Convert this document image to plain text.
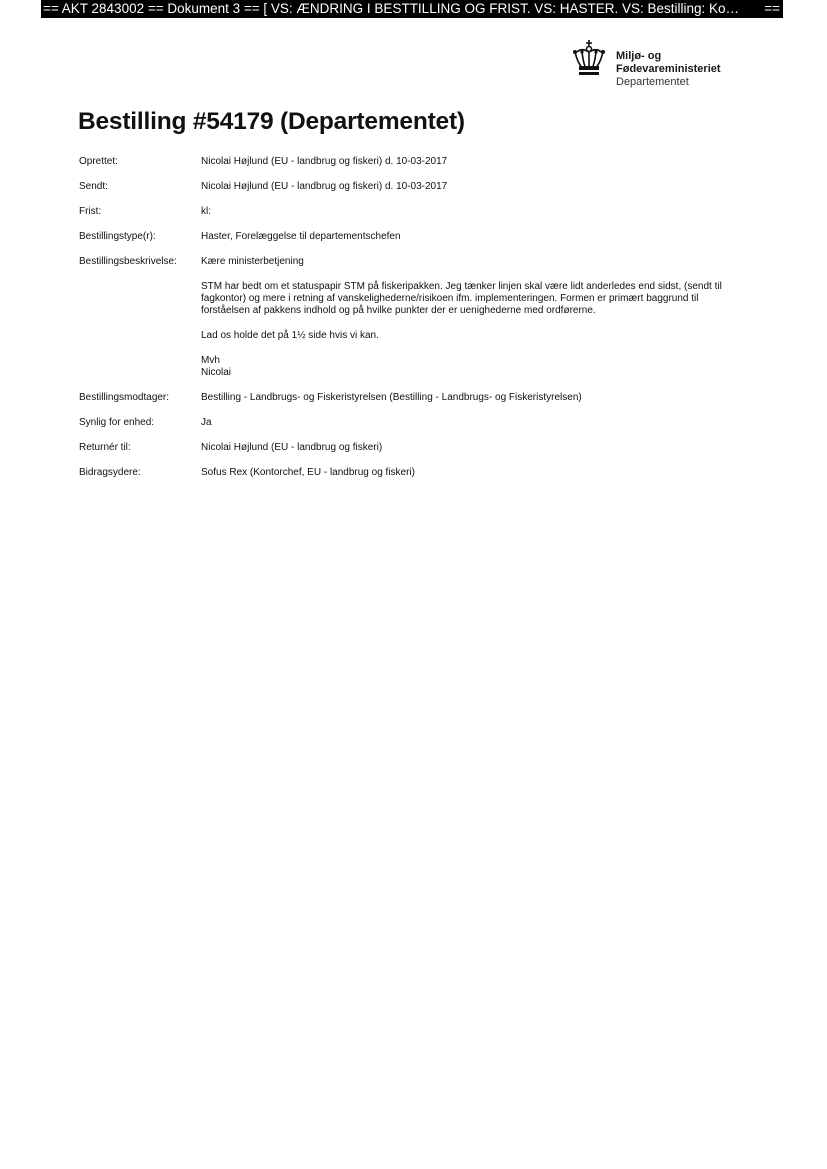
== AKT 2843002 == Dokument 3 == [ VS: ÆNDRING I BESTTILLING OG FRIST. VS: HASTER. VS: Bestilling: Ko… ==
Miljø- og
Fødevareministeriet
Departementet
Bestilling #54179 (Departementet)
Oprettet:	Nicolai Højlund (EU - landbrug og fiskeri) d. 10-03-2017
Sendt:	Nicolai Højlund (EU - landbrug og fiskeri) d. 10-03-2017
Frist:	kl:
Bestillingstype(r):	Haster, Forelæggelse til departementschefen
Bestillingsbeskrivelse:	Kære ministerbetjening

STM har bedt om et statuspapir STM på fiskeripakken. Jeg tænker linjen skal være lidt anderledes end sidst, (sendt til fagkontor) og mere i retning af vanskelighederne/risikoen ifm. implementeringen. Formen er primært baggrund til forståelsen af pakkens indhold og på hvilke punkter der er uenighederne med ordførerne.

Lad os holde det på 1½ side hvis vi kan.

Mvh
Nicolai

Bestillingsmodtager:	Bestilling - Landbrugs- og Fiskeristyrelsen (Bestilling - Landbrugs- og Fiskeristyrelsen)
Synlig for enhed:	Ja
Returnér til:	Nicolai Højlund (EU - landbrug og fiskeri)
Bidragsydere:	Sofus Rex (Kontorchef, EU - landbrug og fiskeri)
